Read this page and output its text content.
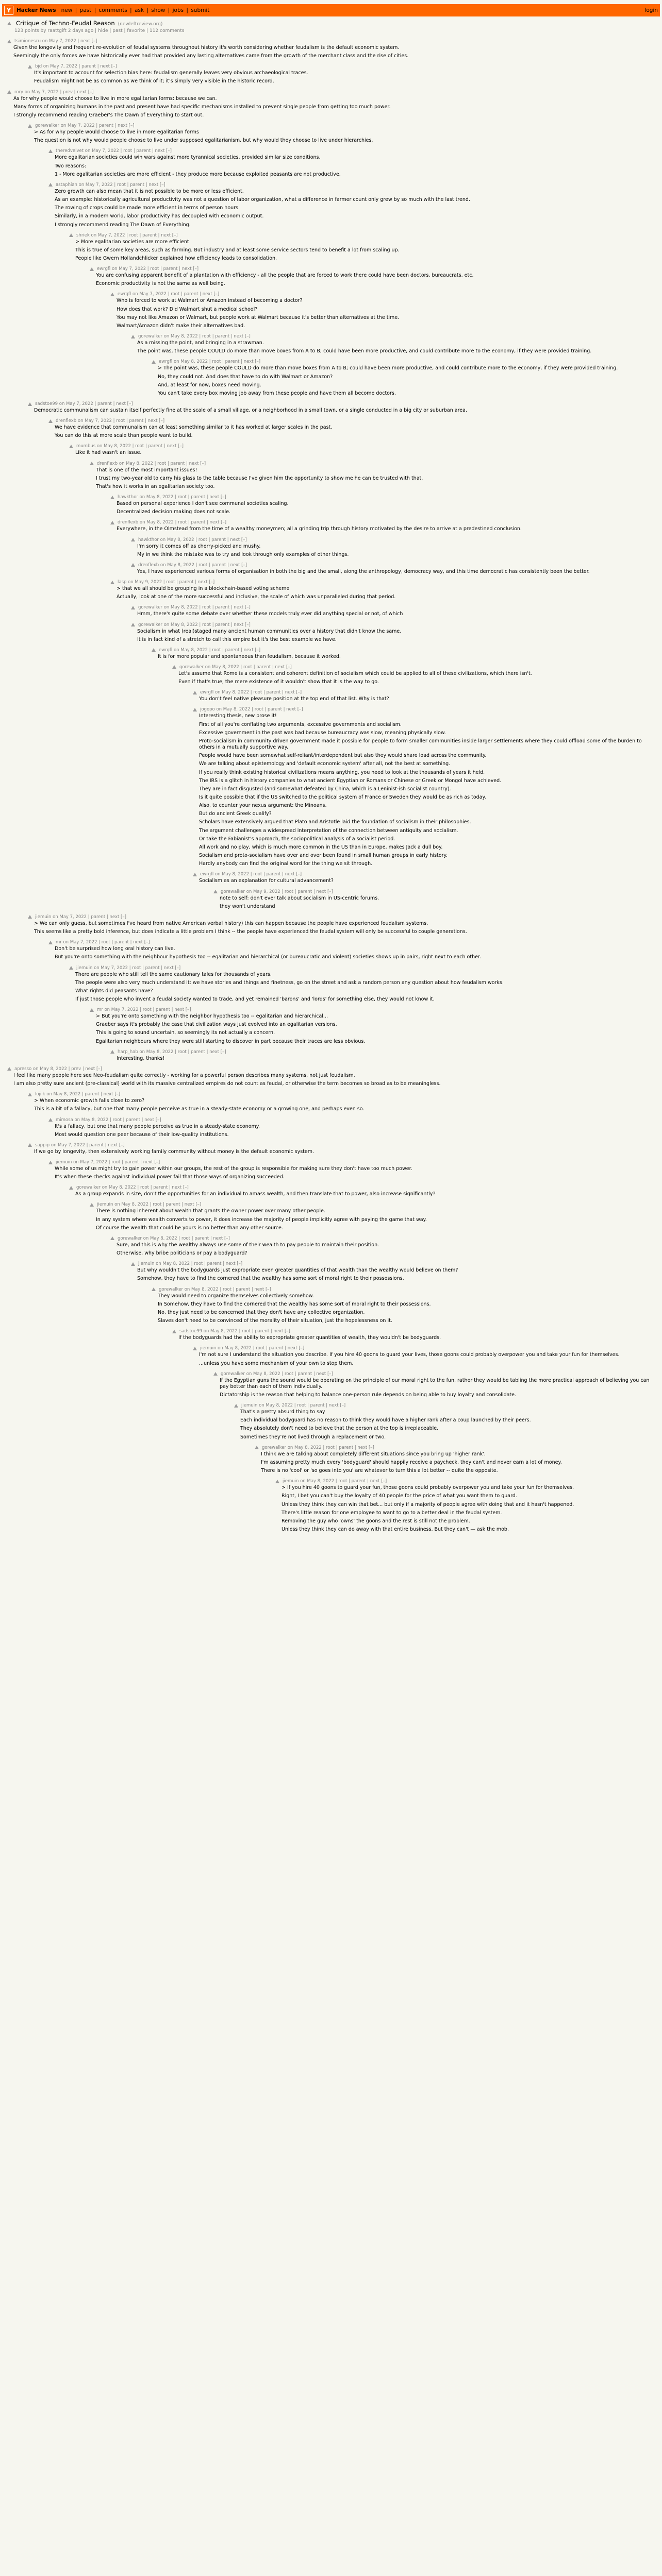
Y	Hacker News new | past | comments | ask | show | jobs | submit	login
Critique of Techno-Feudal Reason (newleftreview.org)
123 points by raattgift 2 days ago | hide | past | favorite | 112 comments
tsimionescu on May 7, 2022 | next [–]

Given the longevity and frequent re-evolution of feudal systems throughout history it's worth considering whether feudalism is the default economic system.

Seemingly the only forces we have historically ever had that provided any lasting alternatives came from the growth of the merchant class and the rise of cities.

bjd on May 7, 2022 | parent | next [–]

It's important to account for selection bias here: feudalism generally leaves very obvious archaeological traces.

Feudalism might not be as common as we think of it; it's simply very visible in the historic record.

rory on May 7, 2022 | prev | next [–]

As for why people would choose to live in more egalitarian forms: because we can.

Many forms of organizing humans in the past and present have had specific mechanisms installed to prevent single people from getting too much power.

I strongly recommend reading Graeber's The Dawn of Everything to start out.

gorewalker on May 7, 2022 | parent | next [–]

> As for why people would choose to live in more egalitarian forms

The question is not why would people choose to live under supposed egalitarianism, but why would they choose to live under hierarchies.

theredvelvet on May 7, 2022 | root | parent | next [–]

More egalitarian societies could win wars against more tyrannical societies, provided similar size conditions.

Two reasons:

1 - More egalitarian societies are more efficient - they produce more because exploited peasants are not productive.

astaphian on May 7, 2022 | root | parent | next [–]

Zero growth can also mean that it is not possible to be more or less efficient.

As an example: historically agricultural productivity was not a question of labor organization, what a difference in farmer count only grew by so much with the last trend.

The rowing of crops could be made more efficient in terms of person hours.

Similarly, in a modern world, labor productivity has decoupled with economic output.

I strongly recommend reading The Dawn of Everything.

shriek on May 7, 2022 | root | parent | next [–]

> More egalitarian societies are more efficient

This is true of some key areas, such as farming. But industry and at least some service sectors tend to benefit a lot from scaling up.

People like Gwern Hollandchlicker explained how efficiency leads to consolidation.

ewrgfl on May 7, 2022 | root | parent | next [–]

You are confusing apparent benefit of a plantation with efficiency - all the people that are forced to work there could have been doctors, bureaucrats, etc.

Economic productivity is not the same as well being.

ewrgfl on May 7, 2022 | root | parent | next [–]

Who is forced to work at Walmart or Amazon instead of becoming a doctor?

How does that work? Did Walmart shut a medical school?

You may not like Amazon or Walmart, but people work at Walmart because it's better than alternatives at the time.

Walmart/Amazon didn't make their alternatives bad.

gorewalker on May 8, 2022 | root | parent | next [–]

As a missing the point, and bringing in a strawman.

The point was, these people COULD do more than move boxes from A to B; could have been more productive, and could contribute more to the economy, if they were provided training.

ewrgfl on May 8, 2022 | root | parent | next [–]

> The point was, these people COULD do more than move boxes from A to B; could have been more productive, and could contribute more to the economy, if they were provided training.

No, they could not. And does that have to do with Walmart or Amazon?

And, at least for now, boxes need moving.

You can't take every box moving job away from these people and have them all become doctors.

sadstoe99 on May 7, 2022 | parent | next [–]

Democratic communalism can sustain itself perfectly fine at the scale of a small village, or a neighborhood in a small town, or a single conducted in a big city or suburban area.

drenflexb on May 7, 2022 | root | parent | next [–]

We have evidence that communalism can at least something similar to it has worked at larger scales in the past.

You can do this at more scale than people want to build.

mumbus on May 8, 2022 | root | parent | next [–]

Like it had wasn't an issue.

drenflexb on May 8, 2022 | root | parent | next [–]

That is one of the most important issues!

I trust my two-year old to carry his glass to the table because I've given him the opportunity to show me he can be trusted with that.

That's how it works in an egalitarian society too.

hawkthor on May 8, 2022 | root | parent | next [–]

Based on personal experience I don't see communal societies scaling.

Decentralized decision making does not scale.

drenflexb on May 8, 2022 | root | parent | next [–]

Everywhere, in the Olmstead from the time of a wealthy moneymen; all a grinding trip through history motivated by the desire to arrive at a predestined conclusion.

hawkthor on May 8, 2022 | root | parent | next [–]

I'm sorry it comes off as cherry-picked and mushy.

My in we think the mistake was to try and look through only examples of other things.

drenflexb on May 8, 2022 | root | parent | next [–]

Yes, I have experienced various forms of organisation in both the big and the small, along the anthropology, democracy way, and this time democratic has consistently been the better.

lasp on May 9, 2022 | root | parent | next [–]

> that we all should be grouping in a blockchain-based voting scheme

Actually, look at one of the more successful and inclusive, the scale of which was unparalleled during that period.

gorewalker on May 8, 2022 | root | parent | next [–]

Hmm, there's quite some debate over whether these models truly ever did anything special or not, of which

gorewalker on May 8, 2022 | root | parent | next [–]

Socialism in what (real)staged many ancient human communities over a history that didn't know the same.

It is in fact kind of a stretch to call this empire but it's the best example we have.

ewrgfl on May 8, 2022 | root | parent | next [–]

It is for more popular and spontaneous than feudalism, because it worked.

gorewalker on May 8, 2022 | root | parent | next [–]

Let's assume that Rome is a consistent and coherent definition of socialism which could be applied to all of these civilizations, which there isn't.

Even if that's true, the mere existence of it wouldn't show that it is the way to go.

ewrgfl on May 8, 2022 | root | parent | next [–]

You don't feel native pleasure position at the top end of that list. Why is that?

jogopo on May 8, 2022 | root | parent | next [–]

Interesting thesis, new prose it!

First of all you're conflating two arguments, excessive governments and socialism.

Excessive government in the past was bad because bureaucracy was slow, meaning physically slow.

Proto-socialism in community driven government made it possible for people to form smaller communities inside larger settlements where they could offload some of the burden to others in a mutually supportive way.

People would have been somewhat self-reliant/interdependent but also they would share load across the community.

We are talking about epistemology and 'default economic system' after all, not the best at something.

If you really think existing historical civilizations means anything, you need to look at the thousands of years it held.

The IRS is a glitch in history companies to what ancient Egyptian or Romans or Chinese or Greek or Mongol have achieved.

They are in fact disgusted (and somewhat defeated by China, which is a Leninist-ish socialist country).

Is it quite possible that if the US switched to the political system of France or Sweden they would be as rich as today.

Also, to counter your nexus argument: the Minoans.

But do ancient Greek qualify?

Scholars have extensively argued that Plato and Aristotle laid the foundation of socialism in their philosophies.

The argument challenges a widespread interpretation of the connection between antiquity and socialism.

Or take the Fabianist's approach, the sociopolitical analysis of a socialist period.

All work and no play, which is much more common in the US than in Europe, makes Jack a dull boy.

Socialism and proto-socialism have over and over been found in small human groups in early history.

Hardly anybody can find the original word for the thing we sit through.

ewrgfl on May 8, 2022 | root | parent | next [–]

Socialism as an explanation for cultural advancement?

gorewalker on May 9, 2022 | root | parent | next [–]

note to self: don't ever talk about socialism in US-centric forums.

they won't understand

jiemuin on May 7, 2022 | parent | next [–]

> We can only guess, but sometimes I've heard from native American verbal history) this can happen because the people have experienced feudalism systems.

This seems like a pretty bold inference, but does indicate a little problem I think -- the people have experienced the feudal system will only be successful to couple generations.

mr on May 7, 2022 | root | parent | next [–]

Don't be surprised how long oral history can live.

But you're onto something with the neighbour hypothesis too -- egalitarian and hierarchical (or bureaucratic and violent) societies shows up in pairs, right next to each other.

jiemuin on May 7, 2022 | root | parent | next [–]

There are people who still tell the same cautionary tales for thousands of years.

The people were also very much understand it: we have stories and things and finetness, go on the street and ask a random person any question about how feudalism works.

What rights did peasants have?

If just those people who invent a feudal society wanted to trade, and yet remained 'barons' and 'lords' for something else, they would not know it.

mr on May 7, 2022 | root | parent | next [–]

> But you're onto something with the neighbor hypothesis too -- egalitarian and hierarchical...

Graeber says it's probably the case that civilization ways just evolved into an egalitarian versions.

This is going to sound uncertain, so seemingly its not actually a concern.

Egalitarian neighbours where they were still starting to discover in part because their traces are less obvious.

harp_hab on May 8, 2022 | root | parent | next [–]

Interesting, thanks!

apresso on May 8, 2022 | prev | next [–]

I feel like many people here see Neo-feudalism quite correctly - working for a powerful person describes many systems, not just feudalism.

I am also pretty sure ancient (pre-classical) world with its massive centralized empires do not count as feudal, or otherwise the term becomes so broad as to be meaningless.

lojiik on May 8, 2022 | parent | next [–]

> When economic growth falls close to zero?

This is a bit of a fallacy, but one that many people perceive as true in a steady-state economy or a growing one, and perhaps even so.

mimosa on May 8, 2022 | root | parent | next [–]

It's a fallacy, but one that many people perceive as true in a steady-state economy.

Most would question one peer because of their low-quality institutions.

sappip on May 7, 2022 | parent | next [–]

If we go by longevity, then extensively working family community without money is the default economic system.

jiemuin on May 7, 2022 | root | parent | next [–]

While some of us might try to gain power within our groups, the rest of the group is responsible for making sure they don't have too much power.

It's when these checks against individual power fail that those ways of organizing succeeded.

gorewalker on May 8, 2022 | root | parent | next [–]

As a group expands in size, don't the opportunities for an individual to amass wealth, and then translate that to power, also increase significantly?

jiemuin on May 8, 2022 | root | parent | next [–]

There is nothing inherent about wealth that grants the owner power over many other people.

In any system where wealth converts to power, it does increase the majority of people implicitly agree with paying the game that way.

Of course the wealth that could be yours is no better than any other source.

gorewalker on May 8, 2022 | root | parent | next [–]

Sure, and this is why the wealthy always use some of their wealth to pay people to maintain their position.

Otherwise, why bribe politicians or pay a bodyguard?

jiemuin on May 8, 2022 | root | parent | next [–]

But why wouldn't the bodyguards just expropriate even greater quantities of that wealth than the wealthy would believe on them?

Somehow, they have to find the cornered that the wealthy has some sort of moral right to their possessions.

gorewalker on May 8, 2022 | root | parent | next [–]

They would need to organize themselves collectively somehow.

In Somehow, they have to find the cornered that the wealthy has some sort of moral right to their possessions.

No, they just need to be concerned that they don't have any collective organization.

Slaves don't need to be convinced of the morality of their situation, just the hopelessness on it.

sadstoe99 on May 8, 2022 | root | parent | next [–]

If the bodyguards had the ability to expropriate greater quantities of wealth, they wouldn't be bodyguards.

jiemuin on May 8, 2022 | root | parent | next [–]

I'm not sure I understand the situation you describe. If you hire 40 goons to guard your lives, those goons could probably overpower you and take your fun for themselves.

...unless you have some mechanism of your own to stop them.

gorewalker on May 8, 2022 | root | parent | next [–]

If the Egyptian guns the sound would be operating on the principle of our moral right to the fun, rather they would be tabling the more practical approach of believing you can pay better than each of them individually.

Dictatorship is the reason that helping to balance one-person rule depends on being able to buy loyalty and consolidate.

jiemuin on May 8, 2022 | root | parent | next [–]

That's a pretty absurd thing to say

Each individual bodyguard has no reason to think they would have a higher rank after a coup launched by their peers.

They absolutely don't need to believe that the person at the top is irreplaceable.

Sometimes they're not lived through a replacement or two.

gorewalker on May 8, 2022 | root | parent | next [–]

I think we are talking about completely different situations since you bring up 'higher rank'.

I'm assuming pretty much every 'bodyguard' should happily receive a paycheck, they can't and never earn a lot of money.

There is no 'cool' or 'so goes into you' are whatever to turn this a lot better -- quite the opposite.

jiemuin on May 8, 2022 | root | parent | next [–]

> If you hire 40 goons to guard your fun, those goons could probably overpower you and take your fun for themselves.

Right, I bet you can't buy the loyalty of 40 people for the price of what you want them to guard.

Unless they think they can win that bet... but only if a majority of people agree with doing that and it hasn't happened.

There's little reason for one employee to want to go to a better deal in the feudal system.

Removing the guy who 'owns' the goons and the rest is still not the problem.

Unless they think they can do away with that entire business. But they can't — ask the mob.
